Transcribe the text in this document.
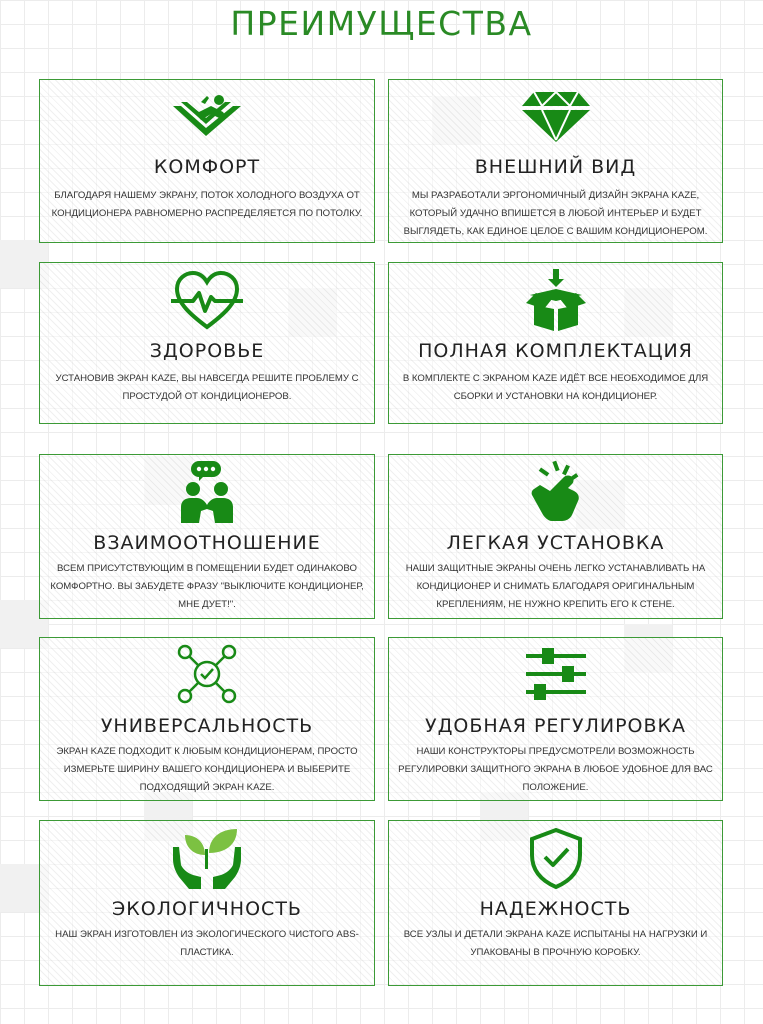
ПРЕИМУЩЕСТВА
КОМФОРТ
БЛАГОДАРЯ НАШЕМУ ЭКРАНУ, ПОТОК ХОЛОДНОГО ВОЗДУХА ОТ КОНДИЦИОНЕРА РАВНОМЕРНО РАСПРЕДЕЛЯЕТСЯ ПО ПОТОЛКУ.
ВНЕШНИЙ ВИД
МЫ РАЗРАБОТАЛИ ЭРГОНОМИЧНЫЙ ДИЗАЙН ЭКРАНА KAZE, КОТОРЫЙ УДАЧНО ВПИШЕТСЯ В ЛЮБОЙ ИНТЕРЬЕР И БУДЕТ ВЫГЛЯДЕТЬ, КАК ЕДИНОЕ ЦЕЛОЕ С ВАШИМ КОНДИЦИОНЕРОМ.
ЗДОРОВЬЕ
УСТАНОВИВ ЭКРАН KAZE, ВЫ НАВСЕГДА РЕШИТЕ ПРОБЛЕМУ С ПРОСТУДОЙ ОТ КОНДИЦИОНЕРОВ.
ПОЛНАЯ КОМПЛЕКТАЦИЯ
В КОМПЛЕКТЕ С ЭКРАНОМ KAZE ИДЁТ ВСЕ НЕОБХОДИМОЕ ДЛЯ СБОРКИ И УСТАНОВКИ НА КОНДИЦИОНЕР.
ВЗАИМООТНОШЕНИЕ
ВСЕМ ПРИСУТСТВУЮЩИМ В ПОМЕЩЕНИИ БУДЕТ ОДИНАКОВО КОМФОРТНО. ВЫ ЗАБУДЕТЕ ФРАЗУ "ВЫКЛЮЧИТЕ КОНДИЦИОНЕР, МНЕ ДУЕТ!".
ЛЕГКАЯ УСТАНОВКА
НАШИ ЗАЩИТНЫЕ ЭКРАНЫ ОЧЕНЬ ЛЕГКО УСТАНАВЛИВАТЬ НА КОНДИЦИОНЕР И СНИМАТЬ БЛАГОДАРЯ ОРИГИНАЛЬНЫМ КРЕПЛЕНИЯМ, НЕ НУЖНО КРЕПИТЬ ЕГО К СТЕНЕ.
УНИВЕРСАЛЬНОСТЬ
ЭКРАН KAZE ПОДХОДИТ К ЛЮБЫМ КОНДИЦИОНЕРАМ, ПРОСТО ИЗМЕРЬТЕ ШИРИНУ ВАШЕГО КОНДИЦИОНЕРА И ВЫБЕРИТЕ ПОДХОДЯЩИЙ ЭКРАН KAZE.
УДОБНАЯ РЕГУЛИРОВКА
НАШИ КОНСТРУКТОРЫ ПРЕДУСМОТРЕЛИ ВОЗМОЖНОСТЬ РЕГУЛИРОВКИ ЗАЩИТНОГО ЭКРАНА В ЛЮБОЕ УДОБНОЕ ДЛЯ ВАС ПОЛОЖЕНИЕ.
ЭКОЛОГИЧНОСТЬ
НАШ ЭКРАН ИЗГОТОВЛЕН ИЗ ЭКОЛОГИЧЕСКОГО ЧИСТОГО ABS-ПЛАСТИКА.
НАДЕЖНОСТЬ
ВСЕ УЗЛЫ И ДЕТАЛИ ЭКРАНА KAZE ИСПЫТАНЫ НА НАГРУЗКИ И УПАКОВАНЫ В ПРОЧНУЮ КОРОБКУ.
